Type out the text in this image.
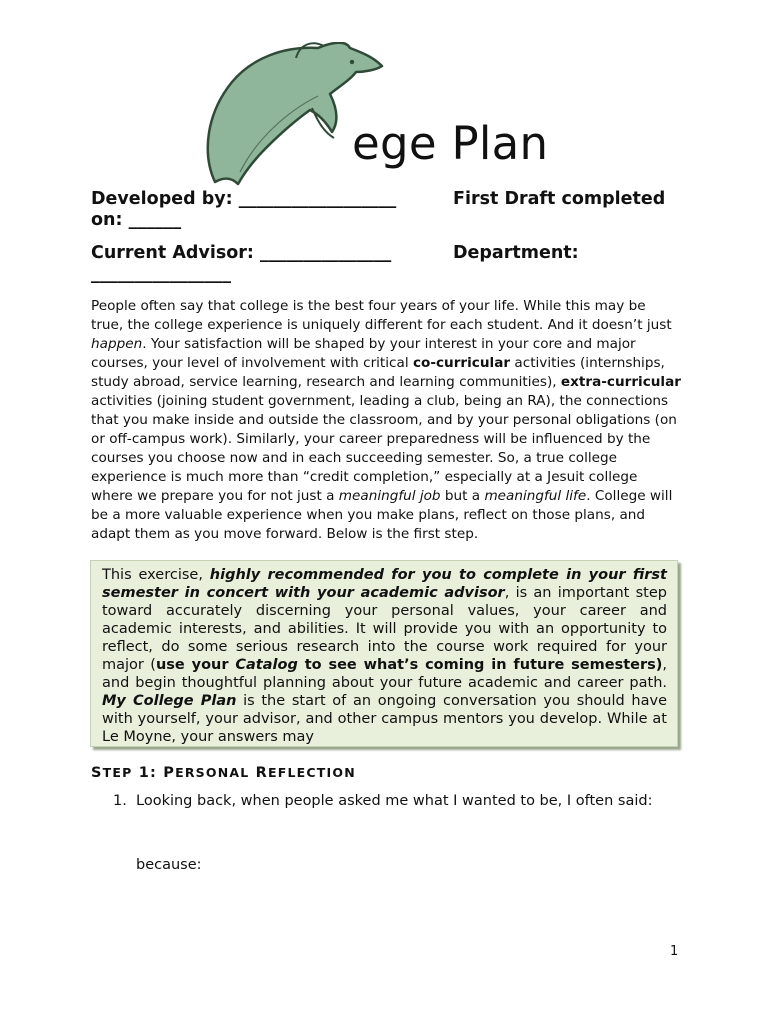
ege Plan
Developed by: __________________	First Draft completed
on: ______
Current Advisor: _______________	Department:
________________

People often say that college is the best four years of your life. While this may be true, the college experience is uniquely different for each student. And it doesn’t just happen. Your satisfaction will be shaped by your interest in your core and major courses, your level of involvement with critical co-curricular activities (internships, study abroad, service learning, research and learning communities), extra-curricular activities (joining student government, leading a club, being an RA), the connections that you make inside and outside the classroom, and by your personal obligations (on or off-campus work). Similarly, your career preparedness will be influenced by the courses you choose now and in each succeeding semester. So, a true college experience is much more than “credit completion,” especially at a Jesuit college where we prepare you for not just a meaningful job but a meaningful life. College will be a more valuable experience when you make plans, reflect on those plans, and adapt them as you move forward. Below is the first step.

This exercise, highly recommended for you to complete in your first semester in concert with your academic advisor, is an important step toward accurately discerning your personal values, your career and academic interests, and abilities. It will provide you with an opportunity to reflect, do some serious research into the course work required for your major (use your Catalog to see what’s coming in future semesters), and begin thoughtful planning about your future academic and career path. My College Plan is the start of an ongoing conversation you should have with yourself, your advisor, and other campus mentors you develop. While at Le Moyne, your answers may

STEP 1: PERSONAL REFLECTION
1. Looking back, when people asked me what I wanted to be, I often said:
because:
1
